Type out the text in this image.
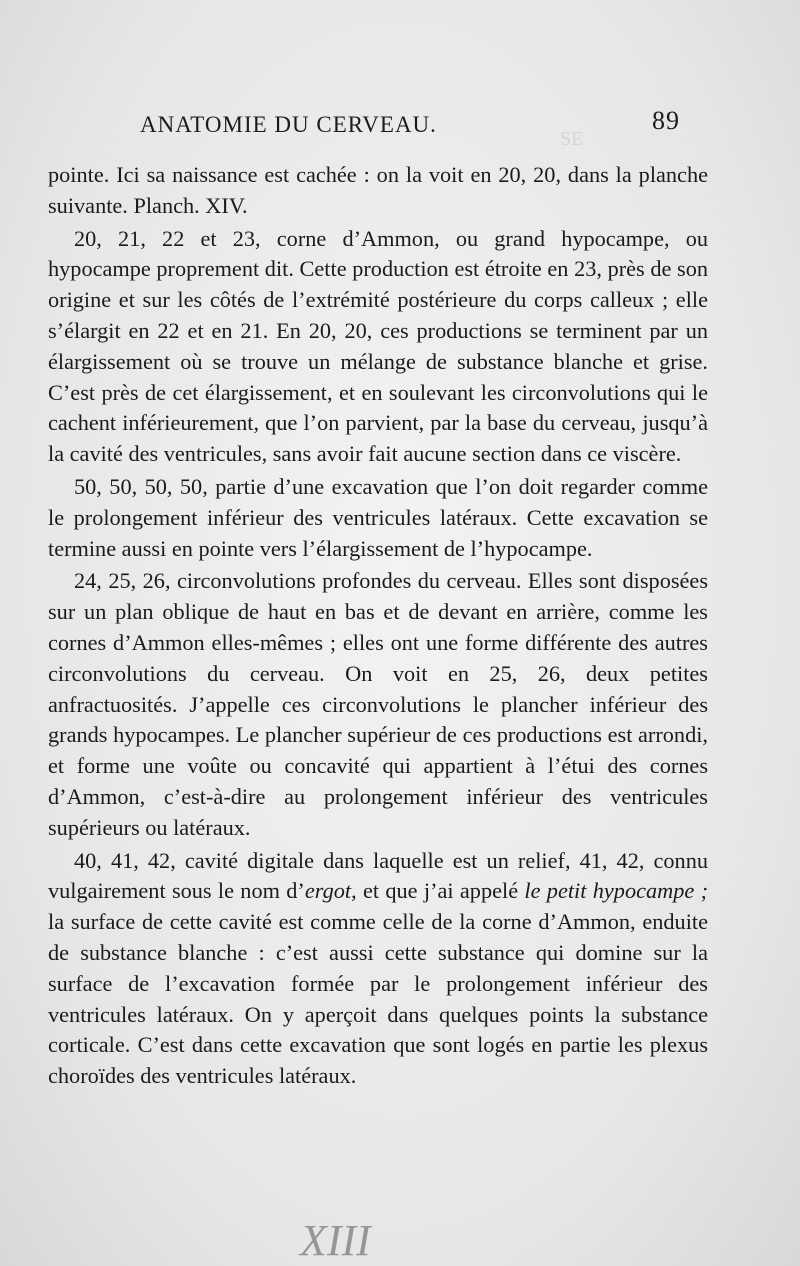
SE
ANATOMIE DU CERVEAU.	89

pointe. Ici sa naissance est cachée : on la voit en 20, 20, dans la planche suivante. Planch. XIV.

20, 21, 22 et 23, corne d’Ammon, ou grand hypocampe, ou hypocampe proprement dit. Cette production est étroite en 23, près de son origine et sur les côtés de l’extrémité postérieure du corps calleux ; elle s’élargit en 22 et en 21. En 20, 20, ces productions se terminent par un élargissement où se trouve un mélange de substance blanche et grise. C’est près de cet élargissement, et en soulevant les circonvolutions qui le cachent inférieurement, que l’on parvient, par la base du cerveau, jusqu’à la cavité des ventricules, sans avoir fait aucune section dans ce viscère.

50, 50, 50, 50, partie d’une excavation que l’on doit regarder comme le prolongement inférieur des ventricules latéraux. Cette excavation se termine aussi en pointe vers l’élargissement de l’hypocampe.

24, 25, 26, circonvolutions profondes du cerveau. Elles sont disposées sur un plan oblique de haut en bas et de devant en arrière, comme les cornes d’Ammon elles-mêmes ; elles ont une forme différente des autres circonvolutions du cerveau. On voit en 25, 26, deux petites anfractuosités. J’appelle ces circonvolutions le plancher inférieur des grands hypocampes. Le plancher supérieur de ces productions est arrondi, et forme une voûte ou concavité qui appartient à l’étui des cornes d’Ammon, c’est-à-dire au prolongement inférieur des ventricules supérieurs ou latéraux.

40, 41, 42, cavité digitale dans laquelle est un relief, 41, 42, connu vulgairement sous le nom d’ergot, et que j’ai appelé le petit hypocampe ; la surface de cette cavité est comme celle de la corne d’Ammon, enduite de substance blanche : c’est aussi cette substance qui domine sur la surface de l’excavation formée par le prolongement inférieur des ventricules latéraux. On y aperçoit dans quelques points la substance corticale. C’est dans cette excavation que sont logés en partie les plexus choroïdes des ventricules latéraux.

XIII
